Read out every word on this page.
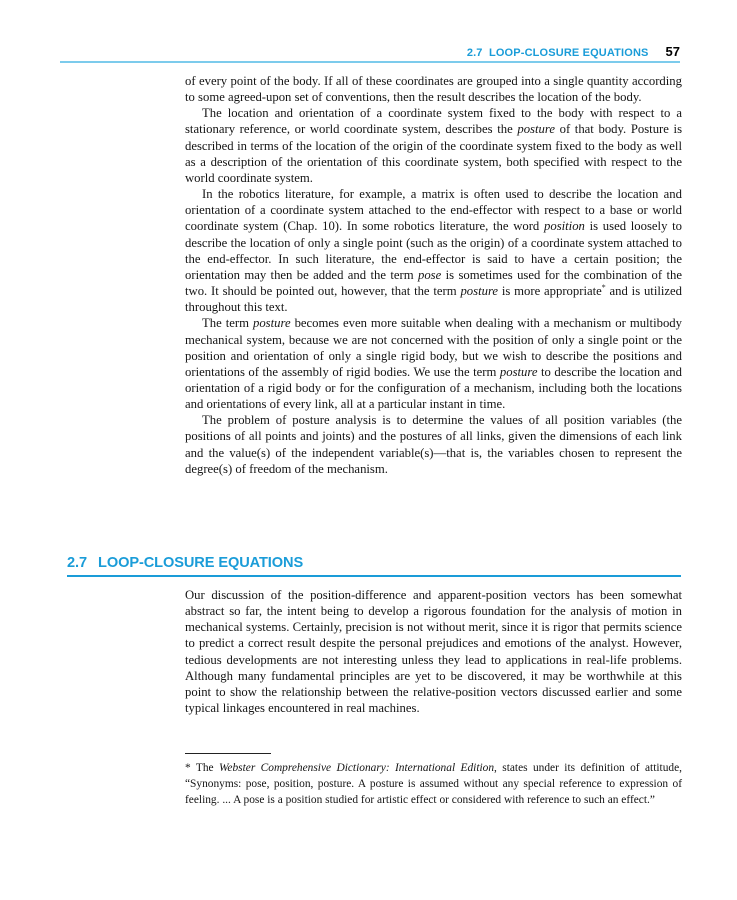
2.7  LOOP-CLOSURE EQUATIONS 57

of every point of the body. If all of these coordinates are grouped into a single quantity according to some agreed-upon set of conventions, then the result describes the location of the body.

The location and orientation of a coordinate system fixed to the body with respect to a stationary reference, or world coordinate system, describes the posture of that body. Posture is described in terms of the location of the origin of the coordinate system fixed to the body as well as a description of the orientation of this coordinate system, both specified with respect to the world coordinate system.

In the robotics literature, for example, a matrix is often used to describe the location and orientation of a coordinate system attached to the end-effector with respect to a base or world coordinate system (Chap. 10). In some robotics literature, the word position is used loosely to describe the location of only a single point (such as the origin) of a coordinate system attached to the end-effector. In such literature, the end-effector is said to have a certain position; the orientation may then be added and the term pose is sometimes used for the combination of the two. It should be pointed out, however, that the term posture is more appropriate* and is utilized throughout this text.

The term posture becomes even more suitable when dealing with a mechanism or multibody mechanical system, because we are not concerned with the position of only a single point or the position and orientation of only a single rigid body, but we wish to describe the positions and orientations of the assembly of rigid bodies. We use the term posture to describe the location and orientation of a rigid body or for the configuration of a mechanism, including both the locations and orientations of every link, all at a particular instant in time.

The problem of posture analysis is to determine the values of all position variables (the positions of all points and joints) and the postures of all links, given the dimensions of each link and the value(s) of the independent variable(s)—that is, the variables chosen to represent the degree(s) of freedom of the mechanism.

2.7 LOOP-CLOSURE EQUATIONS

Our discussion of the position-difference and apparent-position vectors has been somewhat abstract so far, the intent being to develop a rigorous foundation for the analysis of motion in mechanical systems. Certainly, precision is not without merit, since it is rigor that permits science to predict a correct result despite the personal prejudices and emotions of the analyst. However, tedious developments are not interesting unless they lead to applications in real-life problems. Although many fundamental principles are yet to be discovered, it may be worthwhile at this point to show the relationship between the relative-position vectors discussed earlier and some typical linkages encountered in real machines.

* The Webster Comprehensive Dictionary: International Edition, states under its definition of attitude, “Synonyms: pose, position, posture. A posture is assumed without any special reference to expression of feeling. ... A pose is a position studied for artistic effect or considered with reference to such an effect.”
